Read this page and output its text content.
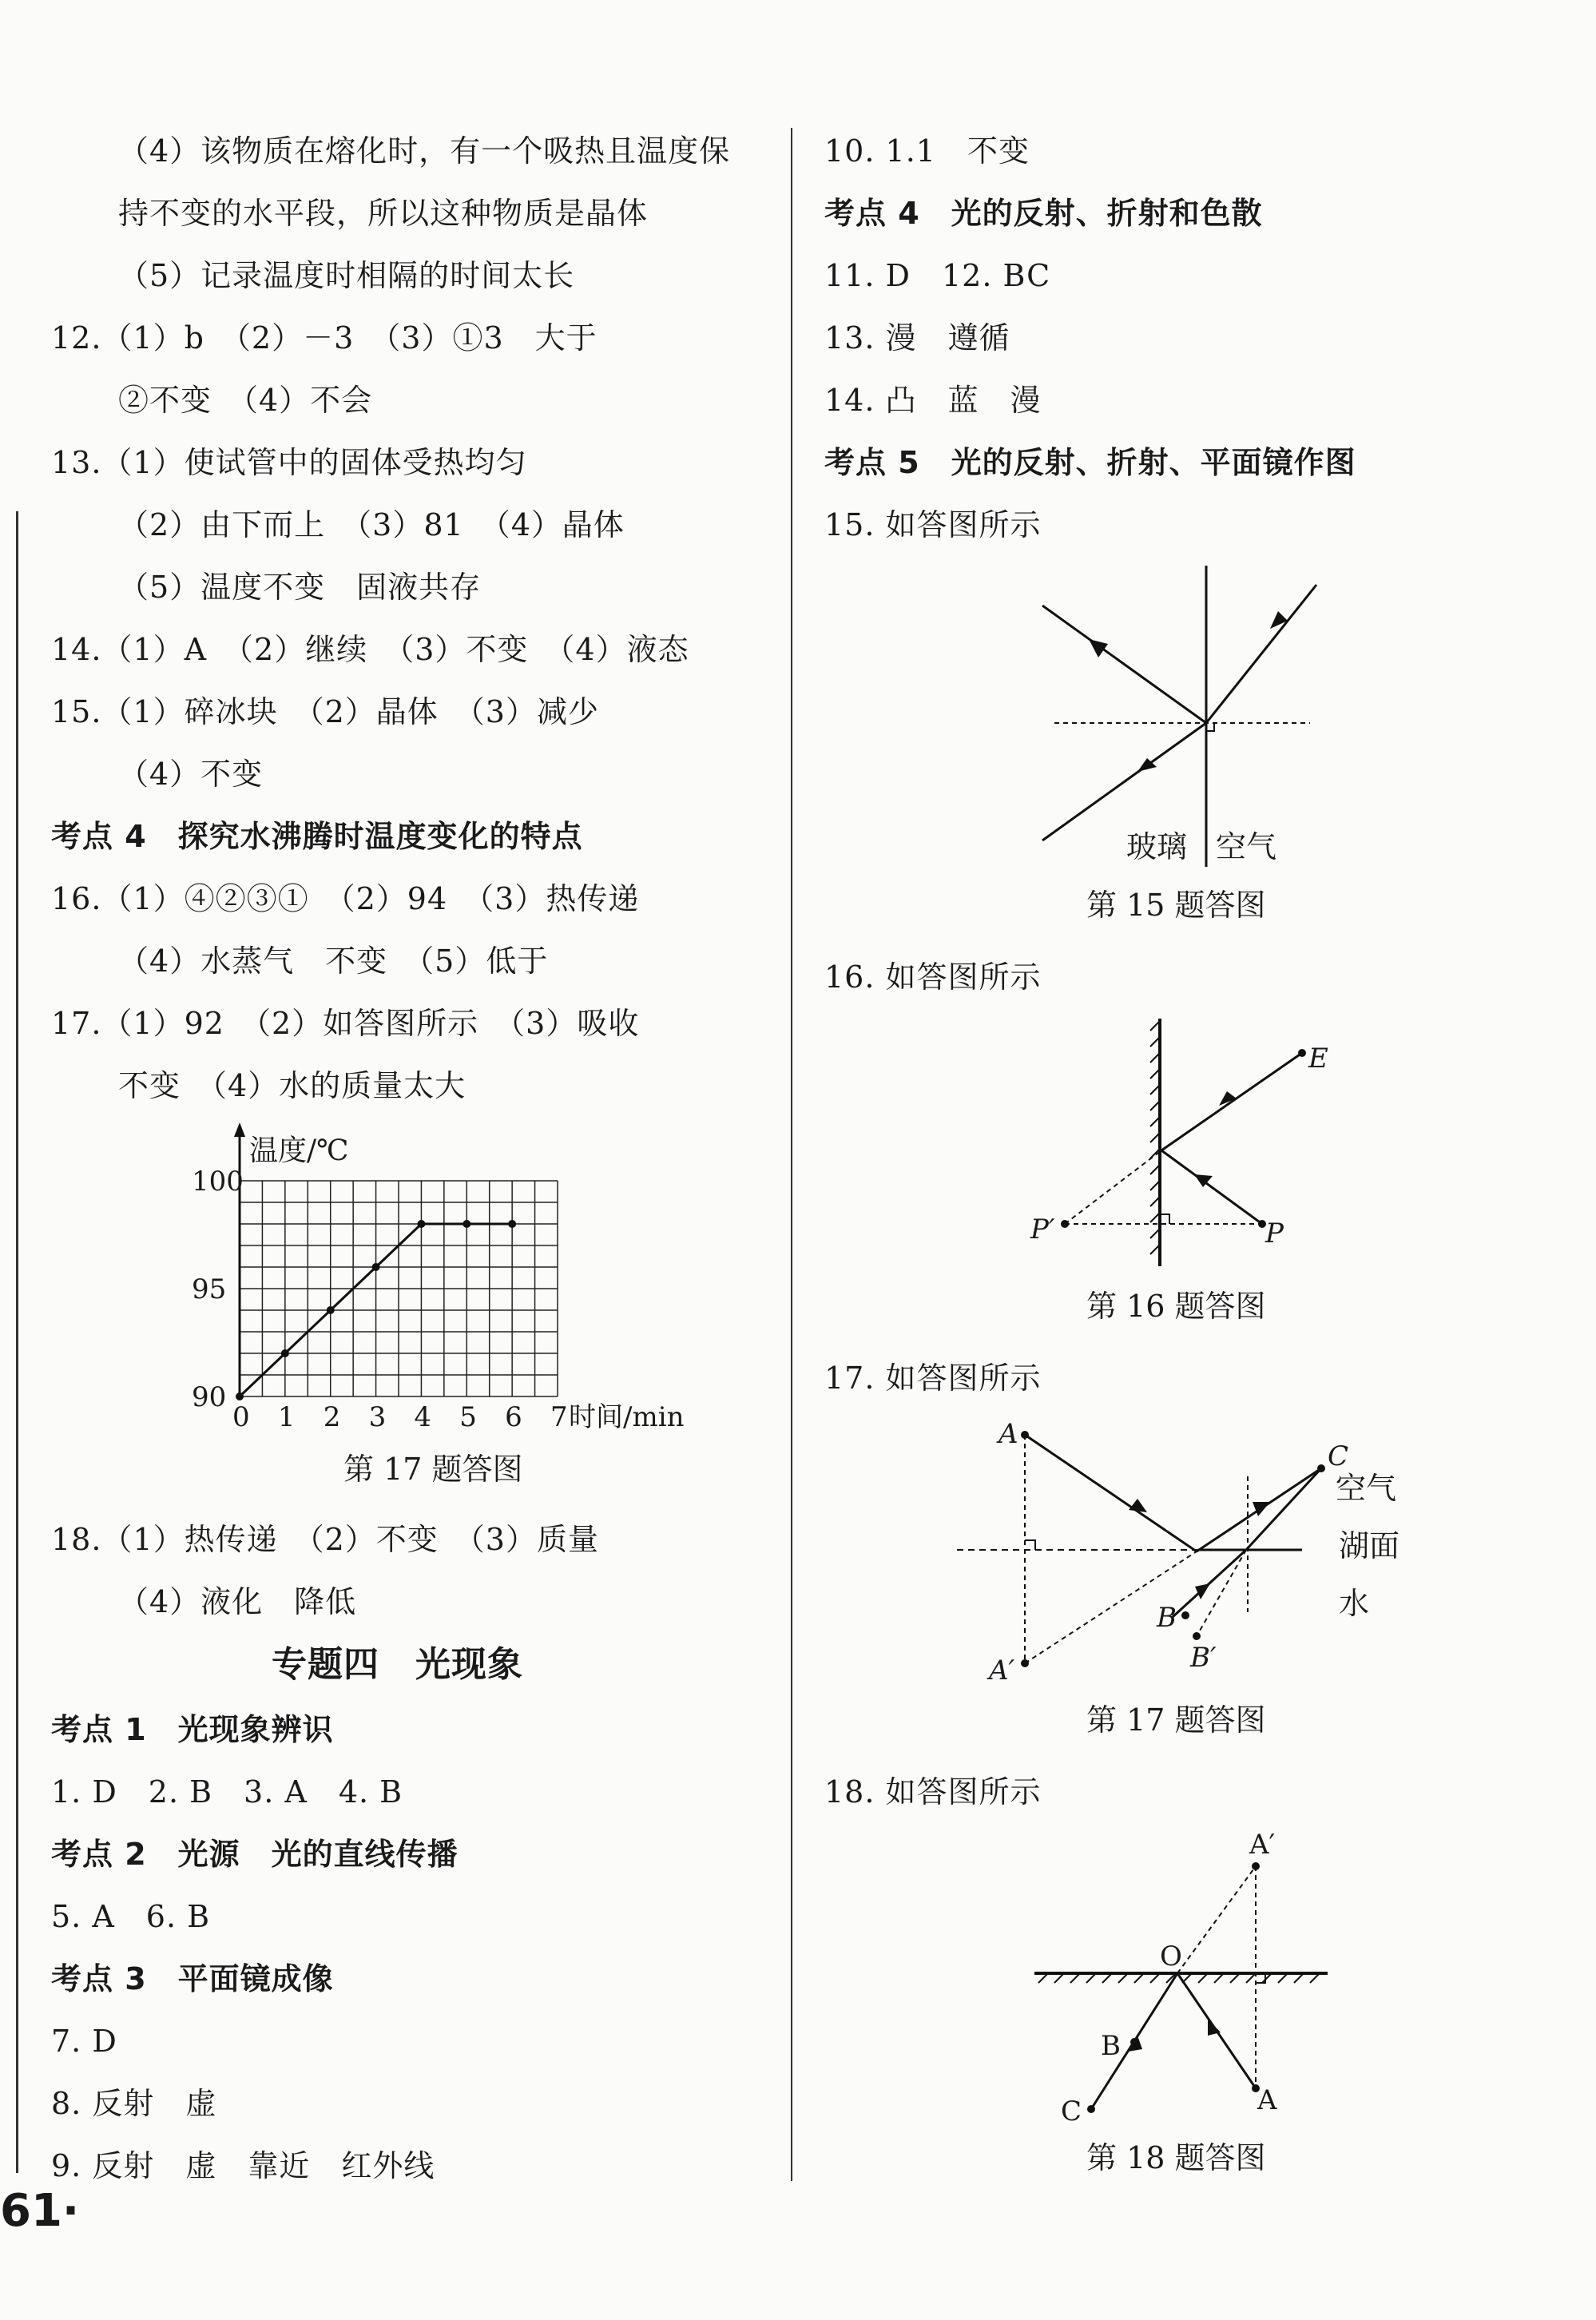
（4）该物质在熔化时，有一个吸热且温度保
持不变的水平段，所以这种物质是晶体
（5）记录温度时相隔的时间太长
12.（1）b　（2）－3　（3）①3　大于
②不变　（4）不会
13.（1）使试管中的固体受热均匀
（2）由下而上　（3）81　（4）晶体
（5）温度不变　固液共存
14.（1）A　（2）继续　（3）不变　（4）液态
15.（1）碎冰块　（2）晶体　（3）减少
（4）不变
考点 4　探究水沸腾时温度变化的特点
16.（1）④②③①　（2）94　（3）热传递
（4）水蒸气　不变　（5）低于
17.（1）92　（2）如答图所示　（3）吸收
不变　（4）水的质量太大
温度/℃
0 1 2 3 4 5 6 7
90
95
100
时间/min
第 17 题答图
18.（1）热传递　（2）不变　（3）质量
（4）液化　降低
专题四　光现象
考点 1　光现象辨识
1. D　2. B　3. A　4. B
考点 2　光源　光的直线传播
5. A　6. B
考点 3　平面镜成像
7. D
8. 反射　虚
9. 反射　虚　靠近　红外线
61·
10. 1.1　不变
考点 4　光的反射、折射和色散
11. D　12. BC
13. 漫　遵循
14. 凸　蓝　漫
考点 5　光的反射、折射、平面镜作图
15. 如答图所示
玻璃 空气
第 15 题答图
16. 如答图所示
E
P
P′
第 16 题答图
17. 如答图所示
A
A′
C
B
B′
空气
湖面
水
第 17 题答图
18. 如答图所示
A′
O
B
C	A
第 18 题答图
